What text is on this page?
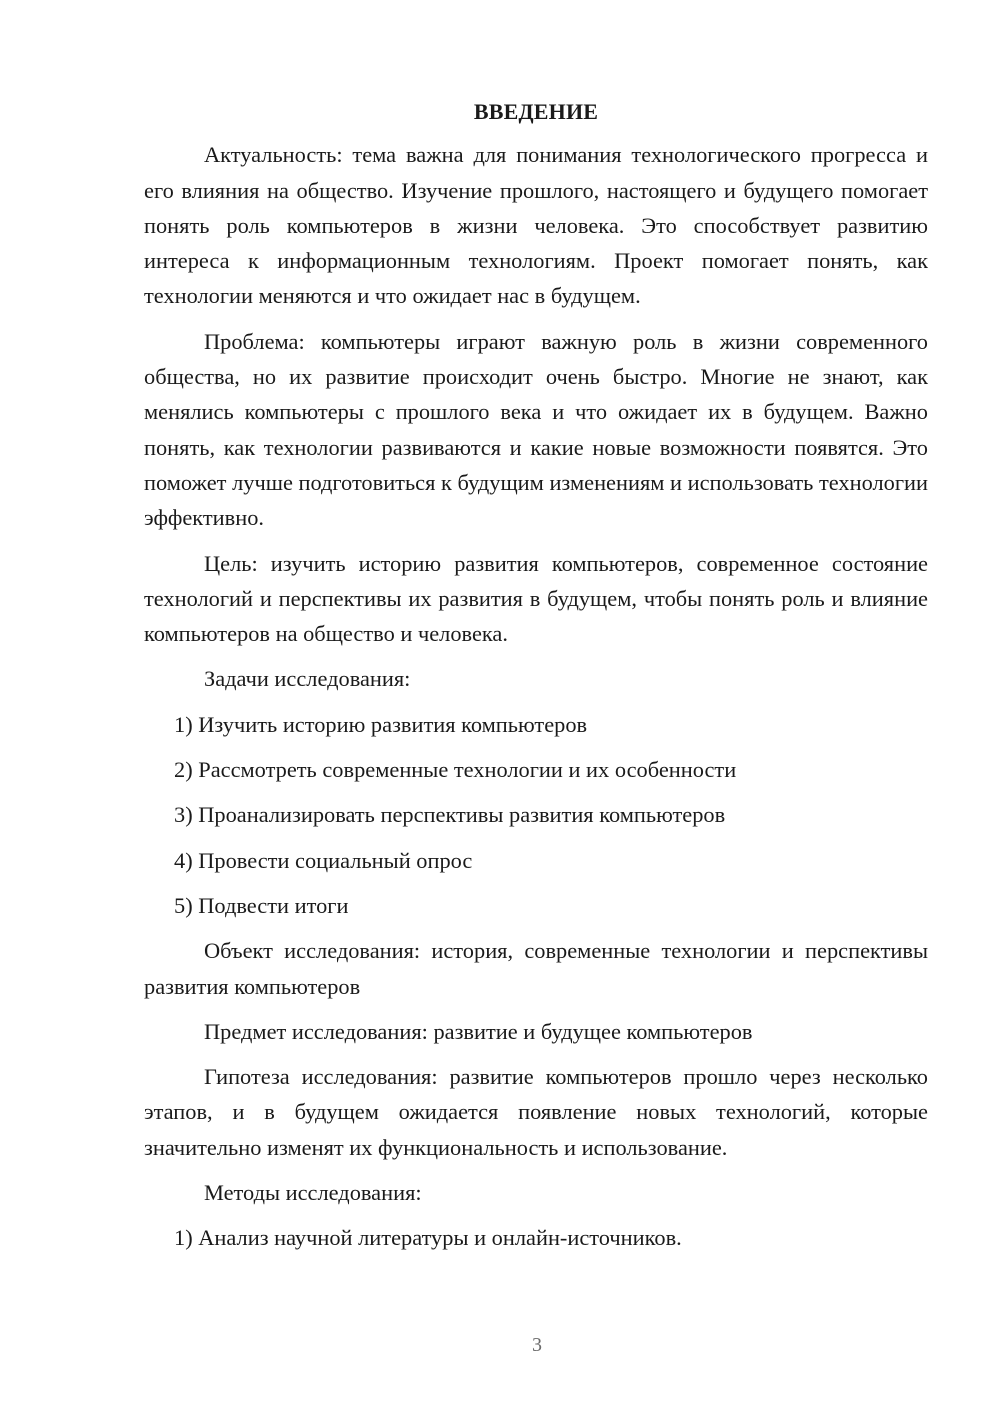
ВВЕДЕНИЕ

Актуальность: тема важна для понимания технологического прогресса и его влияния на общество. Изучение прошлого, настоящего и будущего помогает понять роль компьютеров в жизни человека. Это способствует развитию интереса к информационным технологиям. Проект помогает понять, как технологии меняются и что ожидает нас в будущем.

Проблема: компьютеры играют важную роль в жизни современного общества, но их развитие происходит очень быстро. Многие не знают, как менялись компьютеры с прошлого века и что ожидает их в будущем. Важно понять, как технологии развиваются и какие новые возможности появятся. Это поможет лучше подготовиться к будущим изменениям и использовать технологии эффективно.

Цель: изучить историю развития компьютеров, современное состояние технологий и перспективы их развития в будущем, чтобы понять роль и влияние компьютеров на общество и человека.

Задачи исследования:
1) Изучить историю развития компьютеров
2) Рассмотреть современные технологии и их особенности
3) Проанализировать перспективы развития компьютеров
4) Провести социальный опрос
5) Подвести итоги

Объект исследования: история, современные технологии и перспективы развития компьютеров

Предмет исследования: развитие и будущее компьютеров

Гипотеза исследования: развитие компьютеров прошло через несколько этапов, и в будущем ожидается появление новых технологий, которые значительно изменят их функциональность и использование.

Методы исследования:
1) Анализ научной литературы и онлайн-источников.
3
